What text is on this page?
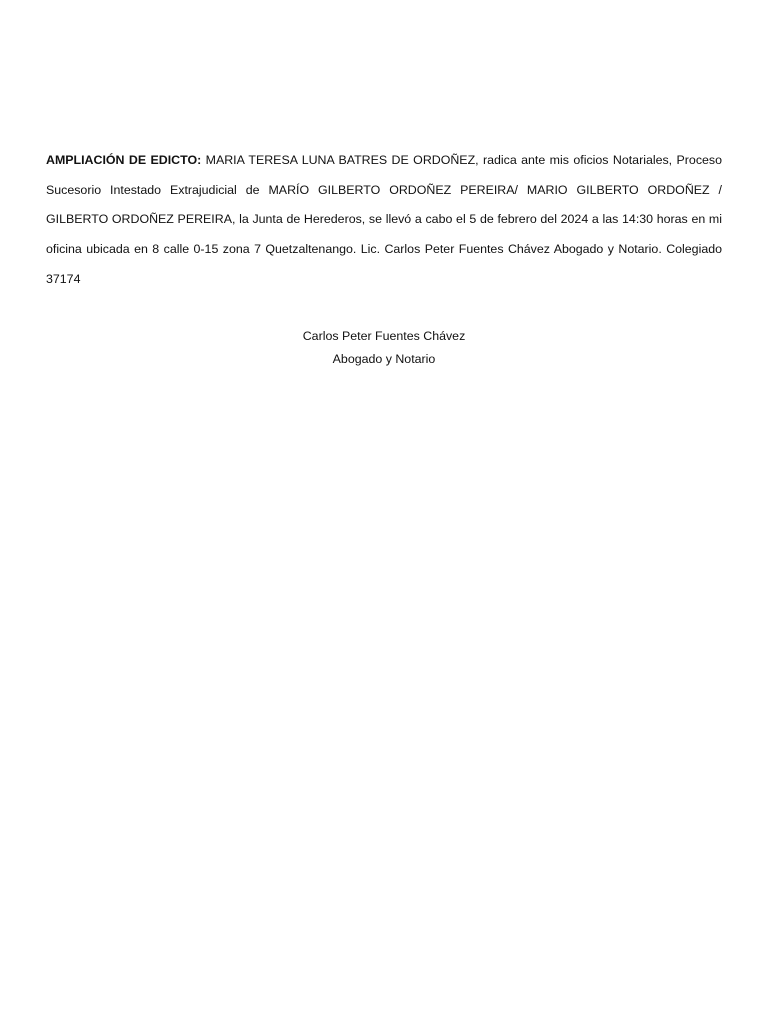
AMPLIACIÓN DE EDICTO: MARIA TERESA LUNA BATRES DE ORDOÑEZ, radica ante mis oficios Notariales, Proceso Sucesorio Intestado Extrajudicial de MARÍO GILBERTO ORDOÑEZ PEREIRA/ MARIO GILBERTO ORDOÑEZ / GILBERTO ORDOÑEZ PEREIRA, la Junta de Herederos, se llevó a cabo el 5 de febrero del 2024 a las 14:30 horas en mi oficina ubicada en 8 calle 0-15 zona 7 Quetzaltenango. Lic. Carlos Peter Fuentes Chávez Abogado y Notario. Colegiado 37174

Carlos Peter Fuentes Chávez
Abogado y Notario
